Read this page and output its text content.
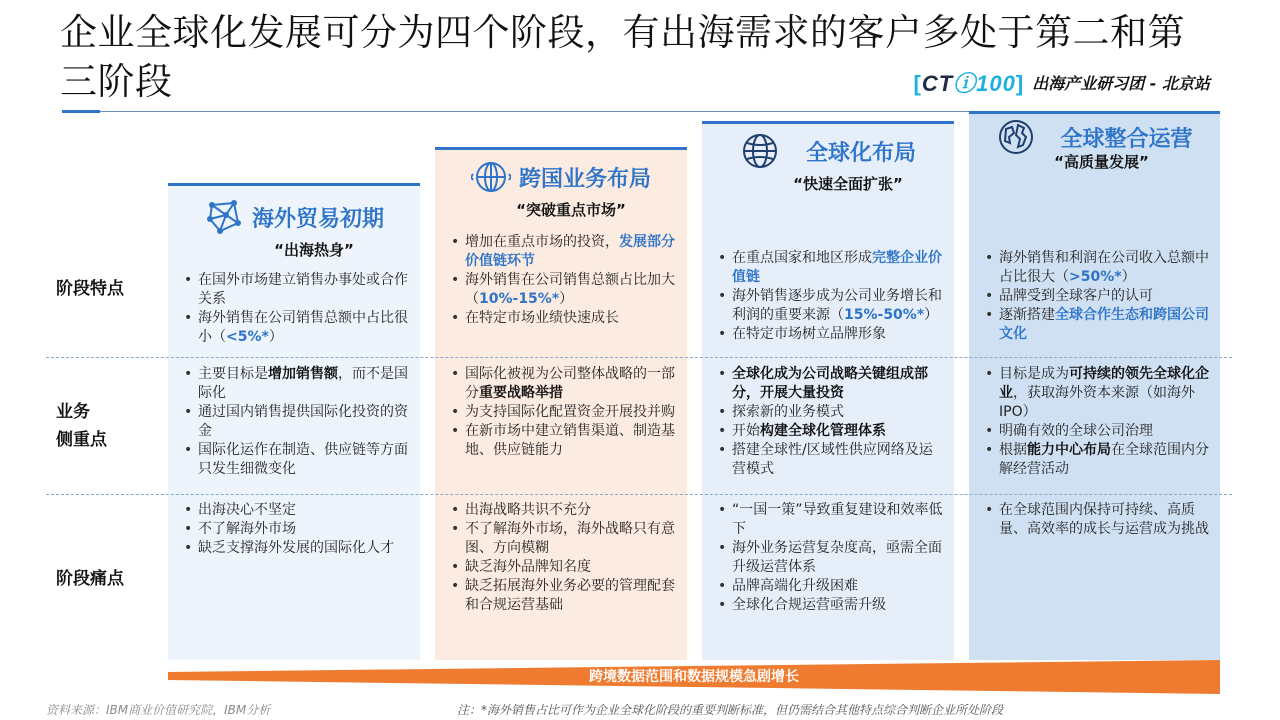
企业全球化发展可分为四个阶段，有出海需求的客户多处于第二和第三阶段	[CTⓘ100] 出海产业研习团 - 北京站
阶段特点
业务
侧重点
阶段痛点
海外贸易初期
“出海热身”
• 在国外市场建立销售办事处或合作关系
• 海外销售在公司销售总额中占比很小（<5%*）
• 主要目标是增加销售额，而不是国际化
• 通过国内销售提供国际化投资的资金
• 国际化运作在制造、供应链等方面只发生细微变化
• 出海决心不坚定
• 不了解海外市场
• 缺乏支撑海外发展的国际化人才
跨国业务布局
“突破重点市场”
• 增加在重点市场的投资，发展部分价值链环节
• 海外销售在公司销售总额占比加大（10%-15%*）
• 在特定市场业绩快速成长
• 国际化被视为公司整体战略的一部分重要战略举措
• 为支持国际化配置资金开展投并购
• 在新市场中建立销售渠道、制造基地、供应链能力
• 出海战略共识不充分
• 不了解海外市场，海外战略只有意图、方向模糊
• 缺乏海外品牌知名度
• 缺乏拓展海外业务必要的管理配套和合规运营基础
全球化布局
“快速全面扩张”
• 在重点国家和地区形成完整企业价值链
• 海外销售逐步成为公司业务增长和利润的重要来源（15%-50%*）
• 在特定市场树立品牌形象
• 全球化成为公司战略关键组成部分，开展大量投资
• 探索新的业务模式
• 开始构建全球化管理体系
• 搭建全球性/区域性供应网络及运营模式
• “一国一策”导致重复建设和效率低下
• 海外业务运营复杂度高，亟需全面升级运营体系
• 品牌高端化升级困难
• 全球化合规运营亟需升级
全球整合运营
“高质量发展”
• 海外销售和利润在公司收入总额中占比很大（>50%*）
• 品牌受到全球客户的认可
• 逐渐搭建全球合作生态和跨国公司文化
• 目标是成为可持续的领先全球化企业，获取海外资本来源（如海外IPO）
• 明确有效的全球公司治理
• 根据能力中心布局在全球范围内分解经营活动
• 在全球范围内保持可持续、高质量、高效率的成长与运营成为挑战
跨境数据范围和数据规模急剧增长
资料来源：IBM商业价值研究院，IBM分析	注：*海外销售占比可作为企业全球化阶段的重要判断标准，但仍需结合其他特点综合判断企业所处阶段
